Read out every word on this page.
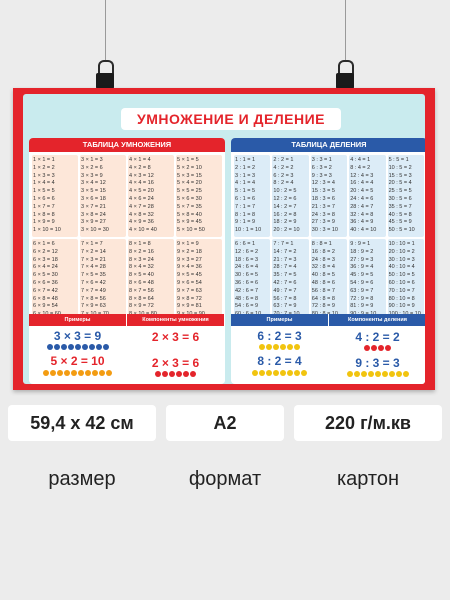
УМНОЖЕНИЕ И ДЕЛЕНИЕ
ТАБЛИЦА УМНОЖЕНИЯ
1 × 1 = 1
1 × 2 = 2
1 × 3 = 3
1 × 4 = 4
1 × 5 = 5
1 × 6 = 6
1 × 7 = 7
1 × 8 = 8
1 × 9 = 9
1 × 10 = 10
3 × 1 = 3
3 × 2 = 6
3 × 3 = 9
3 × 4 = 12
3 × 5 = 15
3 × 6 = 18
3 × 7 = 21
3 × 8 = 24
3 × 9 = 27
3 × 10 = 30
4 × 1 = 4
4 × 2 = 8
4 × 3 = 12
4 × 4 = 16
4 × 5 = 20
4 × 6 = 24
4 × 7 = 28
4 × 8 = 32
4 × 9 = 36
4 × 10 = 40
5 × 1 = 5
5 × 2 = 10
5 × 3 = 15
5 × 4 = 20
5 × 5 = 25
5 × 6 = 30
5 × 7 = 35
5 × 8 = 40
5 × 9 = 45
5 × 10 = 50
6 × 1 = 6
6 × 2 = 12
6 × 3 = 18
6 × 4 = 24
6 × 5 = 30
6 × 6 = 36
6 × 7 = 42
6 × 8 = 48
6 × 9 = 54
7 × 1 = 7
7 × 2 = 14
7 × 3 = 21
7 × 4 = 28
7 × 5 = 35
7 × 6 = 42
7 × 7 = 49
7 × 8 = 56
7 × 9 = 63
8 × 1 = 8
8 × 2 = 16
8 × 3 = 24
8 × 4 = 32
8 × 5 = 40
8 × 6 = 48
8 × 7 = 56
8 × 8 = 64
8 × 9 = 72
9 × 1 = 9
9 × 2 = 18
9 × 3 = 27
9 × 4 = 36
9 × 5 = 45
9 × 6 = 54
9 × 7 = 63
9 × 8 = 72
9 × 9 = 81
Примеры
3 × 3 = 9
5 × 2 = 10
Компоненты умножения
2 × 3 = 6
2 × 3 = 6
ТАБЛИЦА ДЕЛЕНИЯ
1 : 1 = 1
2 : 1 = 2
3 : 1 = 3
4 : 1 = 4
5 : 1 = 5
6 : 1 = 6
7 : 1 = 7
8 : 1 = 8
9 : 1 = 9
10 : 1 = 10
2 : 2 = 1
4 : 2 = 2
6 : 2 = 3
8 : 2 = 4
10 : 2 = 5
12 : 2 = 6
14 : 2 = 7
16 : 2 = 8
18 : 2 = 9
20 : 2 = 10
3 : 3 = 1
6 : 3 = 2
9 : 3 = 3
12 : 3 = 4
15 : 3 = 5
18 : 3 = 6
21 : 3 = 7
24 : 3 = 8
27 : 3 = 9
30 : 3 = 10
4 : 4 = 1
8 : 4 = 2
12 : 4 = 3
16 : 4 = 4
20 : 4 = 5
24 : 4 = 6
28 : 4 = 7
32 : 4 = 8
36 : 4 = 9
40 : 4 = 10
5 : 5 = 1
10 : 5 = 2
15 : 5 = 3
20 : 5 = 4
25 : 5 = 5
30 : 5 = 6
35 : 5 = 7
40 : 5 = 8
45 : 5 = 9
50 : 5 = 10
6 : 6 = 1
12 : 6 = 2
18 : 6 = 3
24 : 6 = 4
30 : 6 = 5
36 : 6 = 6
42 : 6 = 7
48 : 6 = 8
54 : 6 = 9
7 : 7 = 1
14 : 7 = 2
21 : 7 = 3
28 : 7 = 4
35 : 7 = 5
42 : 7 = 6
49 : 7 = 7
56 : 7 = 8
63 : 7 = 9
8 : 8 = 1
16 : 8 = 2
24 : 8 = 3
32 : 8 = 4
40 : 8 = 5
48 : 8 = 6
56 : 8 = 7
64 : 8 = 8
72 : 8 = 9
9 : 9 = 1
18 : 9 = 2
27 : 9 = 3
36 : 9 = 4
45 : 9 = 5
54 : 9 = 6
63 : 9 = 7
72 : 9 = 8
81 : 9 = 9
10 : 10 = 1
20 : 10 = 2
30 : 10 = 3
40 : 10 = 4
50 : 10 = 5
60 : 10 = 6
70 : 10 = 7
80 : 10 = 8
90 : 10 = 9
Примеры
6 : 2 = 3
8 : 2 = 4
Компоненты деления
4 : 2 = 2
9 : 3 = 3
59,4 х 42 см	A2	220 г/м.кв
размер	формат	картон
